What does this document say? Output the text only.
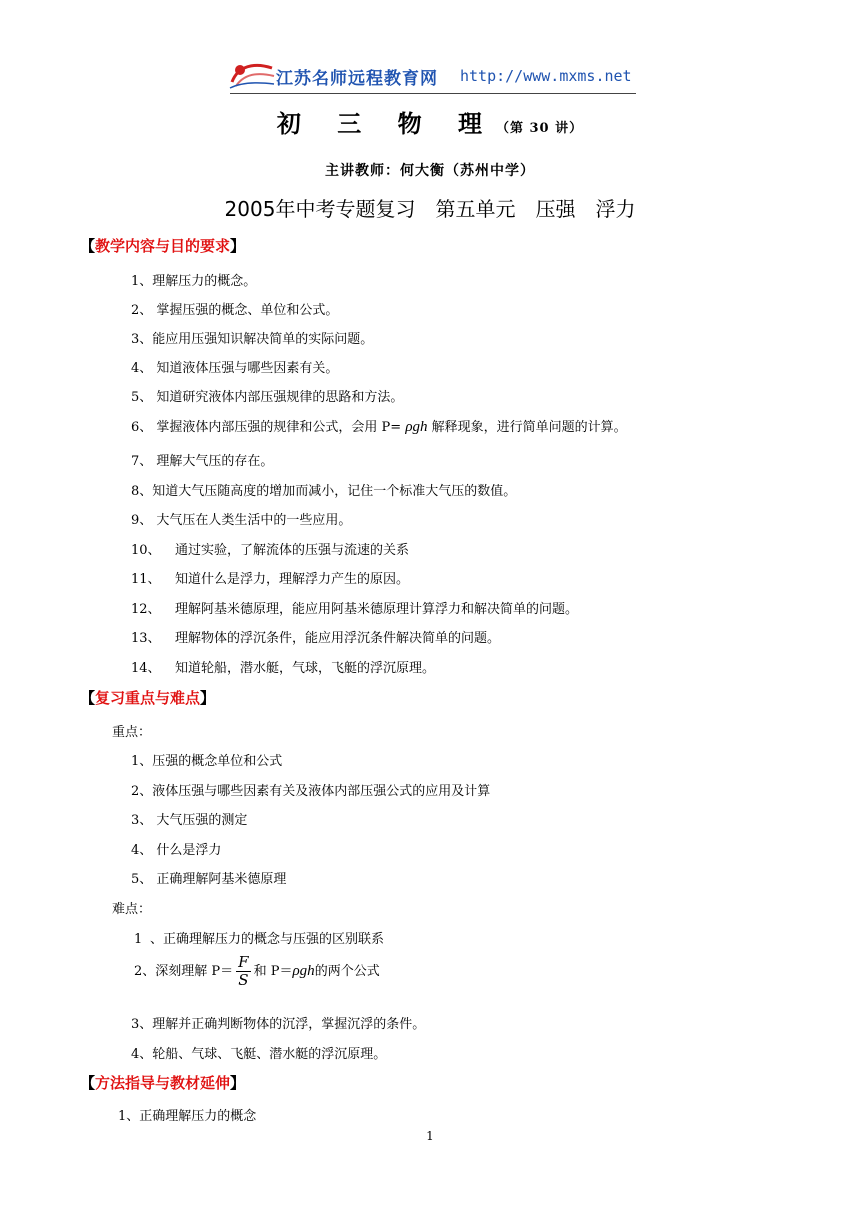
江苏名师远程教育网 http://www.mxms.net
初 三 物 理（第 30 讲）
主讲教师：何大衡（苏州中学）
2005年中考专题复习　第五单元　压强　浮力
【教学内容与目的要求】
1、理解压力的概念。
2、 掌握压强的概念、单位和公式。
3、能应用压强知识解决简单的实际问题。
4、 知道液体压强与哪些因素有关。
5、 知道研究液体内部压强规律的思路和方法。
6、 掌握液体内部压强的规律和公式，会用 P= ρgh 解释现象，进行简单问题的计算。
7、 理解大气压的存在。
8、知道大气压随高度的增加而减小，记住一个标准大气压的数值。
9、 大气压在人类生活中的一些应用。
10、 通过实验，了解流体的压强与流速的关系
11、 知道什么是浮力，理解浮力产生的原因。
12、 理解阿基米德原理，能应用阿基米德原理计算浮力和解决简单的问题。
13、 理解物体的浮沉条件，能应用浮沉条件解决简单的问题。
14、 知道轮船，潜水艇，气球，飞艇的浮沉原理。
【复习重点与难点】
重点：
1、压强的概念单位和公式
2、液体压强与哪些因素有关及液体内部压强公式的应用及计算
3、 大气压强的测定
4、 什么是浮力
5、 正确理解阿基米德原理
难点：
1 、正确理解压力的概念与压强的区别联系
2、深刻理解 $P= \frac{F}{S}$ 和 P＝ρgh的两个公式
3、理解并正确判断物体的沉浮，掌握沉浮的条件。
4、轮船、气球、飞艇、潜水艇的浮沉原理。
【方法指导与教材延伸】
1、正确理解压力的概念
1
